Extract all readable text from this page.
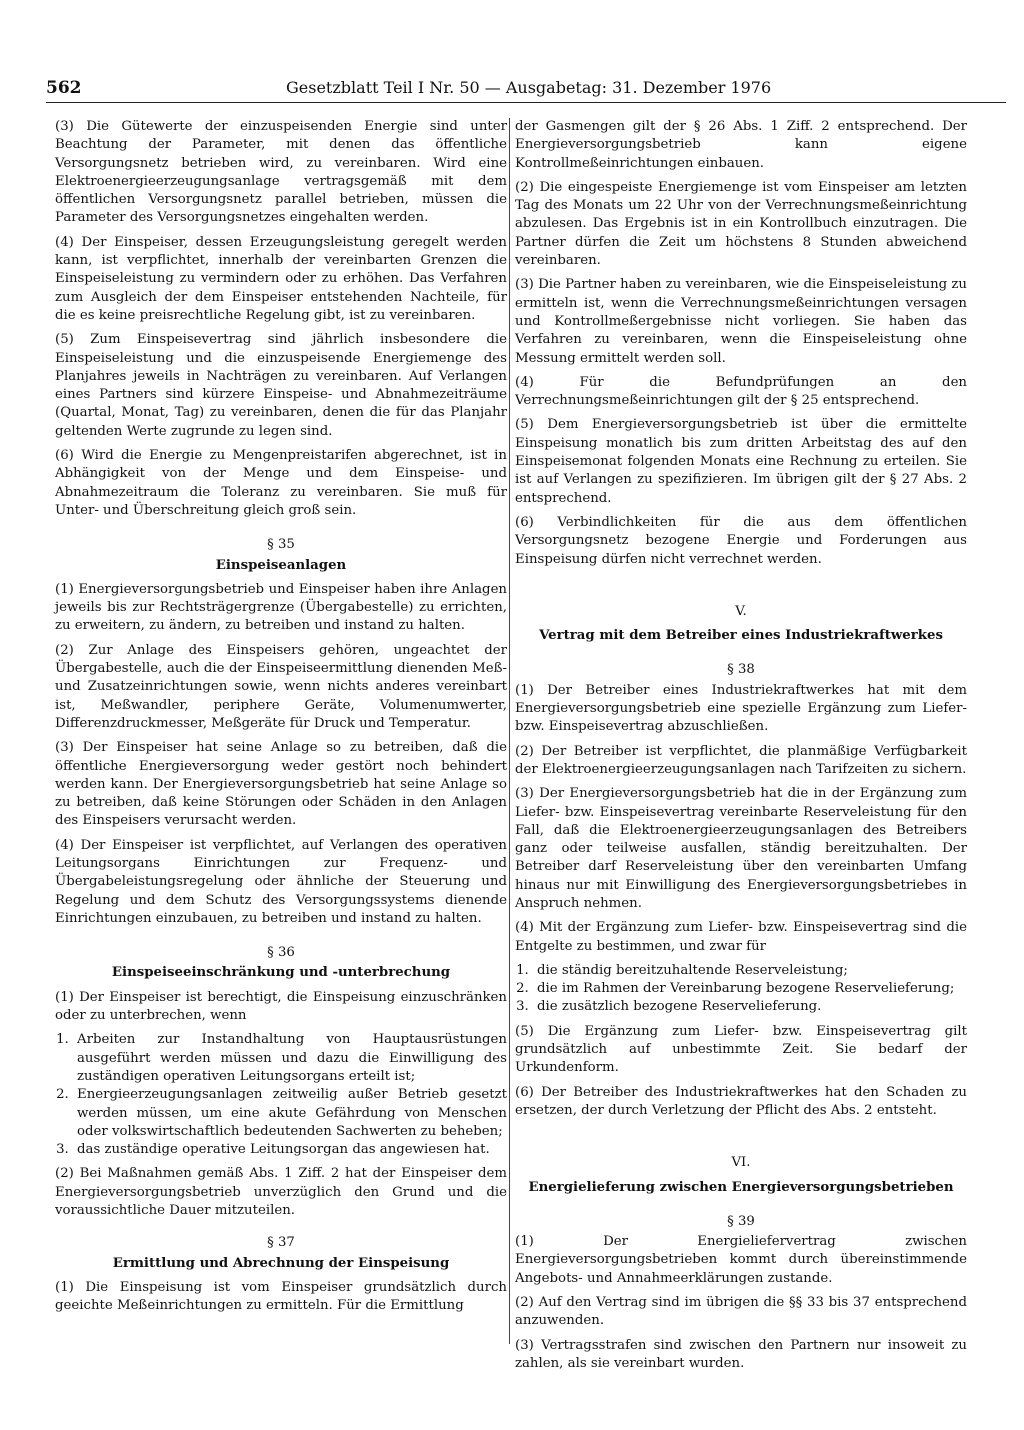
562	Gesetzblatt Teil I Nr. 50 — Ausgabetag: 31. Dezember 1976

(3) Die Gütewerte der einzuspeisenden Energie sind unter Beachtung der Parameter, mit denen das öffentliche Versorgungsnetz betrieben wird, zu vereinbaren. Wird eine Elektroenergieerzeugungsanlage vertragsgemäß mit dem öffentlichen Versorgungsnetz parallel betrieben, müssen die Parameter des Versorgungsnetzes eingehalten werden.

(4) Der Einspeiser, dessen Erzeugungsleistung geregelt werden kann, ist verpflichtet, innerhalb der vereinbarten Grenzen die Einspeiseleistung zu vermindern oder zu erhöhen. Das Verfahren zum Ausgleich der dem Einspeiser entstehenden Nachteile, für die es keine preisrechtliche Regelung gibt, ist zu vereinbaren.

(5) Zum Einspeisevertrag sind jährlich insbesondere die Einspeiseleistung und die einzuspeisende Energiemenge des Planjahres jeweils in Nachträgen zu vereinbaren. Auf Verlangen eines Partners sind kürzere Einspeise- und Abnahmezeiträume (Quartal, Monat, Tag) zu vereinbaren, denen die für das Planjahr geltenden Werte zugrunde zu legen sind.

(6) Wird die Energie zu Mengenpreistarifen abgerechnet, ist in Abhängigkeit von der Menge und dem Einspeise- und Abnahmezeitraum die Toleranz zu vereinbaren. Sie muß für Unter- und Überschreitung gleich groß sein.

§ 35
Einspeiseanlagen

(1) Energieversorgungsbetrieb und Einspeiser haben ihre Anlagen jeweils bis zur Rechtsträgergrenze (Übergabestelle) zu errichten, zu erweitern, zu ändern, zu betreiben und instand zu halten.

(2) Zur Anlage des Einspeisers gehören, ungeachtet der Übergabestelle, auch die der Einspeiseermittlung dienenden Meß- und Zusatzeinrichtungen sowie, wenn nichts anderes vereinbart ist, Meßwandler, periphere Geräte, Volumenumwerter, Differenzdruckmesser, Meßgeräte für Druck und Temperatur.

(3) Der Einspeiser hat seine Anlage so zu betreiben, daß die öffentliche Energieversorgung weder gestört noch behindert werden kann. Der Energieversorgungsbetrieb hat seine Anlage so zu betreiben, daß keine Störungen oder Schäden in den Anlagen des Einspeisers verursacht werden.

(4) Der Einspeiser ist verpflichtet, auf Verlangen des operativen Leitungsorgans Einrichtungen zur Frequenz- und Übergabeleistungsregelung oder ähnliche der Steuerung und Regelung und dem Schutz des Versorgungssystems dienende Einrichtungen einzubauen, zu betreiben und instand zu halten.

§ 36
Einspeiseeinschränkung und -unterbrechung

(1) Der Einspeiser ist berechtigt, die Einspeisung einzuschränken oder zu unterbrechen, wenn

1. Arbeiten zur Instandhaltung von Hauptausrüstungen ausgeführt werden müssen und dazu die Einwilligung des zuständigen operativen Leitungsorgans erteilt ist;
2. Energieerzeugungsanlagen zeitweilig außer Betrieb gesetzt werden müssen, um eine akute Gefährdung von Menschen oder volkswirtschaftlich bedeutenden Sachwerten zu beheben;
3. das zuständige operative Leitungsorgan das angewiesen hat.

(2) Bei Maßnahmen gemäß Abs. 1 Ziff. 2 hat der Einspeiser dem Energieversorgungsbetrieb unverzüglich den Grund und die voraussichtliche Dauer mitzuteilen.

§ 37
Ermittlung und Abrechnung der Einspeisung

(1) Die Einspeisung ist vom Einspeiser grundsätzlich durch geeichte Meßeinrichtungen zu ermitteln. Für die Ermittlung

der Gasmengen gilt der § 26 Abs. 1 Ziff. 2 entsprechend. Der Energieversorgungsbetrieb kann eigene Kontrollmeßeinrichtungen einbauen.

(2) Die eingespeiste Energiemenge ist vom Einspeiser am letzten Tag des Monats um 22 Uhr von der Verrechnungsmeßeinrichtung abzulesen. Das Ergebnis ist in ein Kontrollbuch einzutragen. Die Partner dürfen die Zeit um höchstens 8 Stunden abweichend vereinbaren.

(3) Die Partner haben zu vereinbaren, wie die Einspeiseleistung zu ermitteln ist, wenn die Verrechnungsmeßeinrichtungen versagen und Kontrollmeßergebnisse nicht vorliegen. Sie haben das Verfahren zu vereinbaren, wenn die Einspeiseleistung ohne Messung ermittelt werden soll.

(4) Für die Befundprüfungen an den Verrechnungsmeßeinrichtungen gilt der § 25 entsprechend.

(5) Dem Energieversorgungsbetrieb ist über die ermittelte Einspeisung monatlich bis zum dritten Arbeitstag des auf den Einspeisemonat folgenden Monats eine Rechnung zu erteilen. Sie ist auf Verlangen zu spezifizieren. Im übrigen gilt der § 27 Abs. 2 entsprechend.

(6) Verbindlichkeiten für die aus dem öffentlichen Versorgungsnetz bezogene Energie und Forderungen aus Einspeisung dürfen nicht verrechnet werden.

V.
Vertrag mit dem Betreiber eines Industriekraftwerkes
§ 38

(1) Der Betreiber eines Industriekraftwerkes hat mit dem Energieversorgungsbetrieb eine spezielle Ergänzung zum Liefer- bzw. Einspeisevertrag abzuschließen.

(2) Der Betreiber ist verpflichtet, die planmäßige Verfügbarkeit der Elektroenergieerzeugungsanlagen nach Tarifzeiten zu sichern.

(3) Der Energieversorgungsbetrieb hat die in der Ergänzung zum Liefer- bzw. Einspeisevertrag vereinbarte Reserveleistung für den Fall, daß die Elektroenergieerzeugungsanlagen des Betreibers ganz oder teilweise ausfallen, ständig bereitzuhalten. Der Betreiber darf Reserveleistung über den vereinbarten Umfang hinaus nur mit Einwilligung des Energieversorgungsbetriebes in Anspruch nehmen.

(4) Mit der Ergänzung zum Liefer- bzw. Einspeisevertrag sind die Entgelte zu bestimmen, und zwar für

1. die ständig bereitzuhaltende Reserveleistung;
2. die im Rahmen der Vereinbarung bezogene Reservelieferung;
3. die zusätzlich bezogene Reservelieferung.

(5) Die Ergänzung zum Liefer- bzw. Einspeisevertrag gilt grundsätzlich auf unbestimmte Zeit. Sie bedarf der Urkundenform.

(6) Der Betreiber des Industriekraftwerkes hat den Schaden zu ersetzen, der durch Verletzung der Pflicht des Abs. 2 entsteht.

VI.
Energielieferung zwischen Energieversorgungsbetrieben
§ 39

(1) Der Energieliefervertrag zwischen Energieversorgungsbetrieben kommt durch übereinstimmende Angebots- und Annahmeerklärungen zustande.

(2) Auf den Vertrag sind im übrigen die §§ 33 bis 37 entsprechend anzuwenden.

(3) Vertragsstrafen sind zwischen den Partnern nur insoweit zu zahlen, als sie vereinbart wurden.
